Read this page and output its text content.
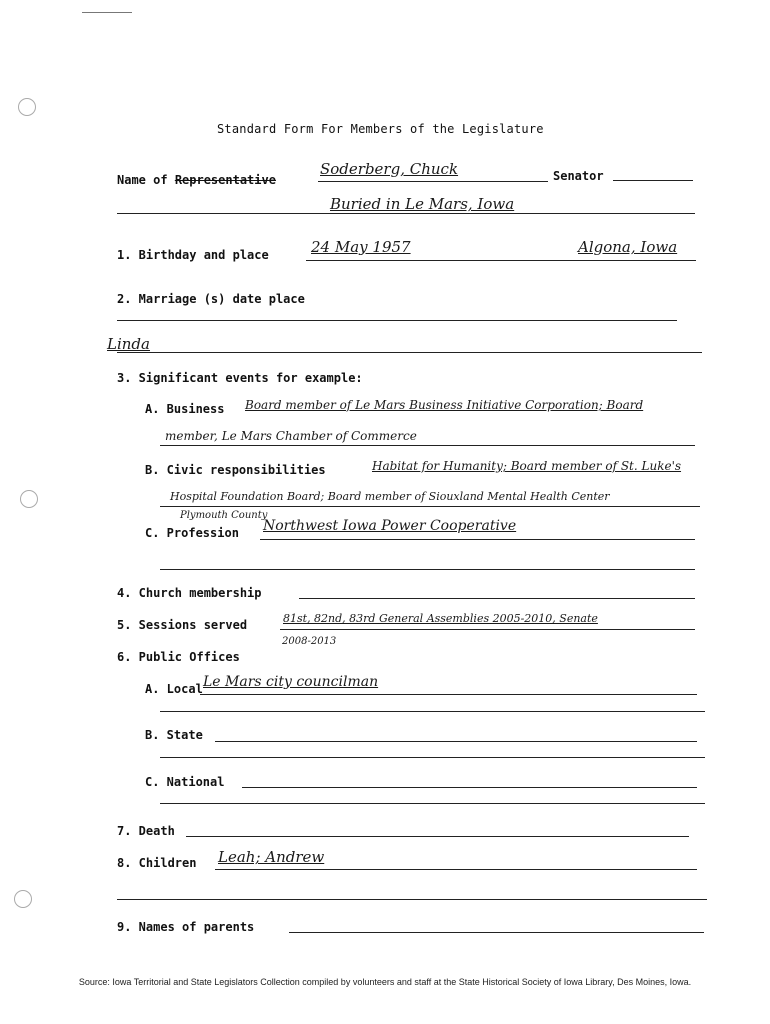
Standard Form For Members of the Legislature
Name of Representative
Soderberg, Chuck	Senator
Buried in Le Mars, Iowa
1. Birthday and place	24 May 1957	Algona, Iowa
2. Marriage (s) date place
Linda
3. Significant events for example:
A. Business Board member of Le Mars Business Initiative Corporation; Board
member, Le Mars Chamber of Commerce
B. Civic responsibilities	Habitat for Humanity; Board member of St. Luke's
Hospital Foundation Board; Board member of Siouxland Mental Health Center
Plymouth County
C. Profession Northwest Iowa Power Cooperative
4. Church membership
5. Sessions served	81st, 82nd, 83rd General Assemblies 2005-2010, Senate
2008-2013
6. Public Offices
A. Local Le Mars city councilman
B. State
C. National
7. Death
8. Children Leah; Andrew
9. Names of parents
Source: Iowa Territorial and State Legislators Collection compiled by volunteers and staff at the State Historical Society of Iowa Library, Des Moines, Iowa.
